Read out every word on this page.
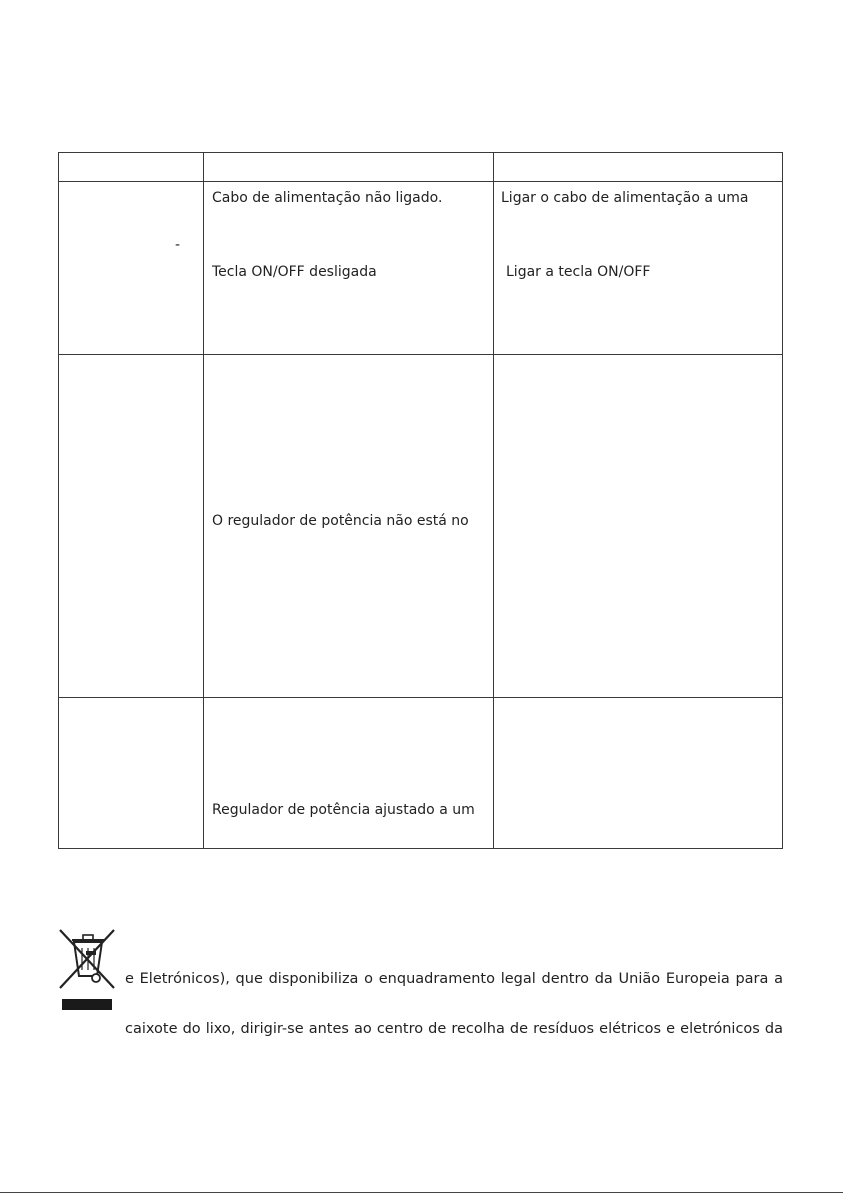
-
Cabo de alimentação não ligado.
Tecla ON/OFF desligada
Ligar o cabo de alimentação a uma
Ligar a tecla ON/OFF
O regulador de potência não está no
Regulador de potência ajustado a um
e Eletrónicos), que disponibiliza o enquadramento legal dentro da União Europeia para a
caixote do lixo, dirigir-se antes ao centro de recolha de resíduos elétricos e eletrónicos da
